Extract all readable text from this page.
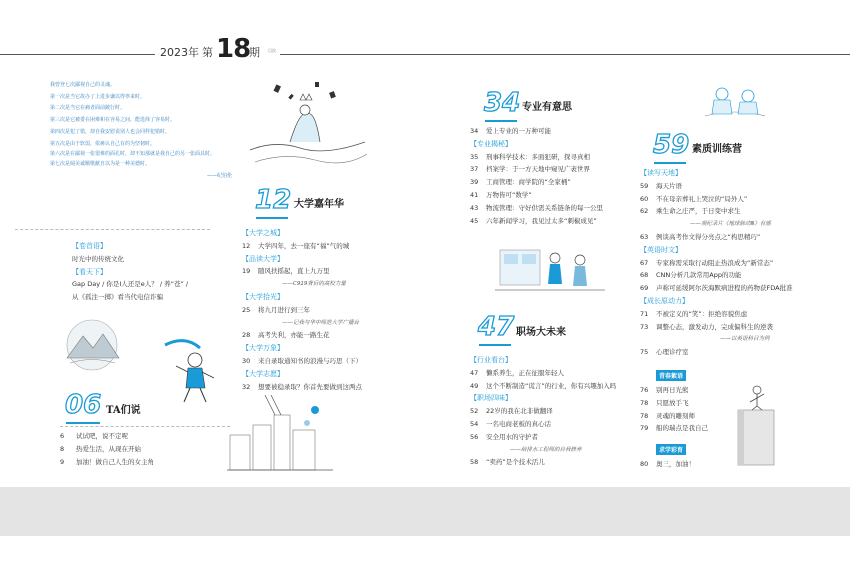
2023年 第 18
期 目次
我曾登七次鄙视自己的灵魂。
第一次是当它故办了上进步谦以得辜来时。
第二次是当它在痛者面前跛行时。
第三次是它被委在困难和在容易之间，能选择了容易时。
第四次是犯了错，却自我安慰说别人也会同样犯错时。
第五次是由于软弱，依裤认自己有的为坚韧时。
第六次是在鄙视一张很难的面孔时，却不知那就是我自己的另一张面具时。
第七次是阔美诚顺歌献自以为是一种美德时。
——纪伯伦
【卷首语】
时光中的传统文化
【看天下】
Gap Day / 你是I人还是e人？ / 养“苍” /
从《孤注一掷》看当代电信诈骗
06 TA们说
6 试试吧，说不定呢
8 热爱生活，从现在开始
9 加油！做自己人生的女主角
12 大学嘉年华
【大学之城】
12 大学四年，去一座有“福”气的城
【品读大学】
19 随风扶摇起，直上九万里
——C919背后的高校力量
【大学拾光】
25 将九月进行到三年
——记我与华中师范大学广播台
28 高考失利，亦能一路生花
【大学万象】
30 来自录取通知书的浪漫与巧思（下）
【大学志愿】
32 想要被稳录取？你首先要做到这两点
34 专业有意思
34 爱上专业的一万种可能
【专业揭秘】
35 刑事科学技术：多面犯研，探寻真相
37 档案学：于一方天地中窥见广袤世界
39 工商管理：商学院的“全家桶”
41 万物皆可“数学”
43 物流管理：守好供需关系链条的每一公里
45 六年新闻学习，我见过太多“刺椒成见”
47 职场大未来
【行业看台】
47 懒系养生，正在征服年轻人
49 这个不断制造“谎言”的行业，你有兴趣加入吗
【职场四味】
52 22岁的我在北非做翻译
54 一名电商老板的真心话
56 安全用水的守护者
——给排水工程师的自我修养
58 “卖药”是个技术活儿
59 素质训练营
【读写天地】
59 海天片语
60 不在母亲葬礼上哭泣的“局外人”
62 乘生命之庄严，于日变中求生
——观纪录片《地球脉动Ⅲ》有感
63 例谈高考作文得分亮点之“构思精巧”
【英语时文】
67 专家称需采取行动阻止热浪成为“新常态”
68 CNN分析几款常用App的功能
69 声称可延缓阿尔茨海默病进程的药物获FDA批准
【成长原动力】
71 不被定义的“笑”：拒绝容貌焦虑
73 调整心态，激发动力，完成偏科生的逆袭
——以英语科目为例
75 心理诊疗室
青春絮语
76 别再日光熊
78 只愿放手飞
78 灵魂的雕刻师
79 船的瑞点是我自己
求学彩育
80 奥三，加油！
